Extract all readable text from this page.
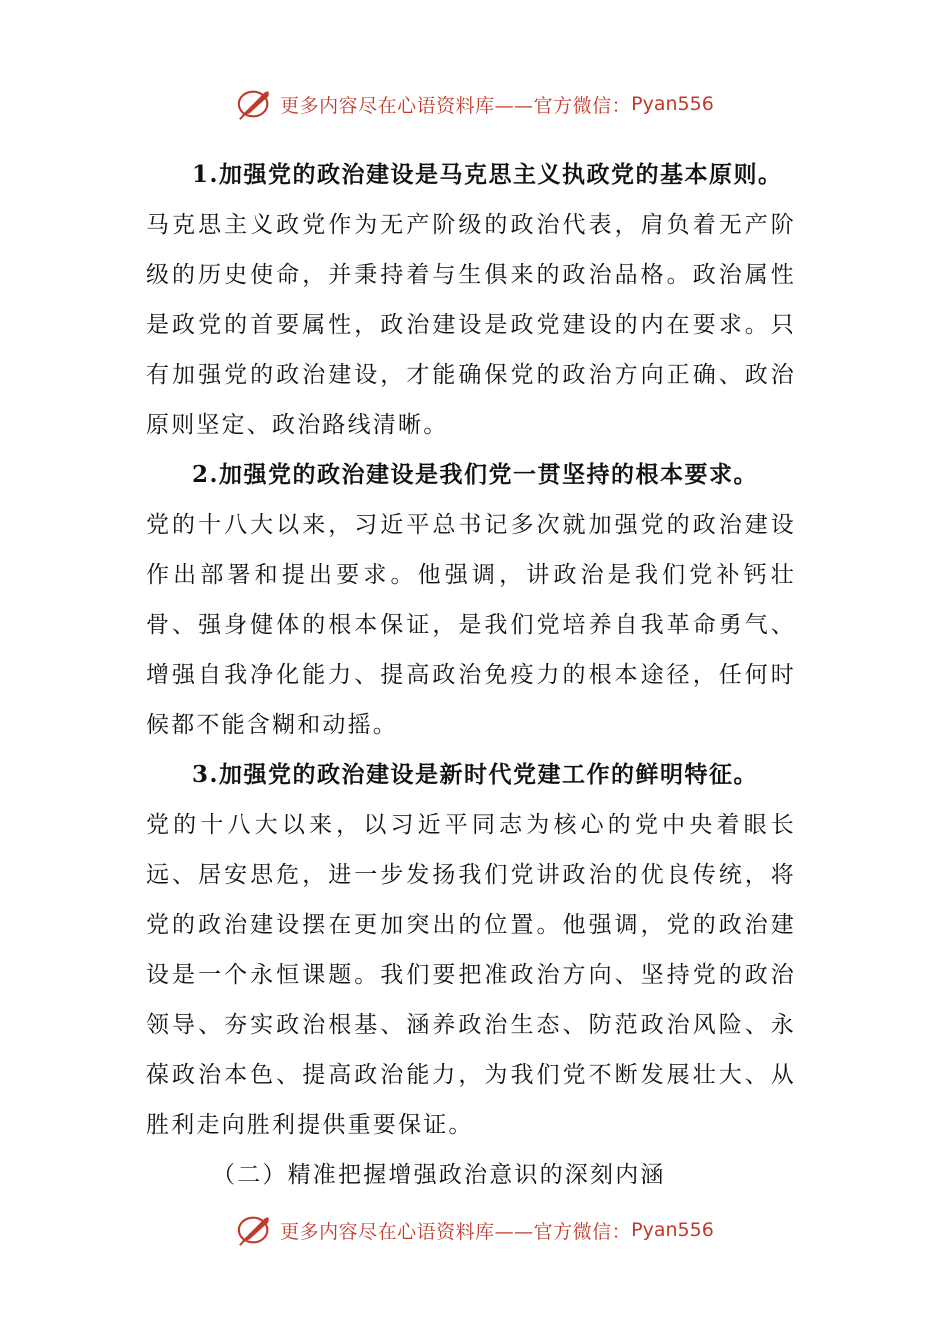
更多内容尽在心语资料库——官方微信： Pyan556

1.加强党的政治建设是马克思主义执政党的基本原则。
马克思主义政党作为无产阶级的政治代表，肩负着无产阶级的历史使命，并秉持着与生俱来的政治品格。政治属性是政党的首要属性，政治建设是政党建设的内在要求。只有加强党的政治建设，才能确保党的政治方向正确、政治原则坚定、政治路线清晰。

2.加强党的政治建设是我们党一贯坚持的根本要求。
党的十八大以来，习近平总书记多次就加强党的政治建设作出部署和提出要求。他强调，讲政治是我们党补钙壮骨、强身健体的根本保证，是我们党培养自我革命勇气、增强自我净化能力、提高政治免疫力的根本途径，任何时候都不能含糊和动摇。

3.加强党的政治建设是新时代党建工作的鲜明特征。
党的十八大以来，以习近平同志为核心的党中央着眼长远、居安思危，进一步发扬我们党讲政治的优良传统，将党的政治建设摆在更加突出的位置。他强调，党的政治建设是一个永恒课题。我们要把准政治方向、坚持党的政治领导、夯实政治根基、涵养政治生态、防范政治风险、永葆政治本色、提高政治能力，为我们党不断发展壮大、从胜利走向胜利提供重要保证。

（二）精准把握增强政治意识的深刻内涵

更多内容尽在心语资料库——官方微信： Pyan556
